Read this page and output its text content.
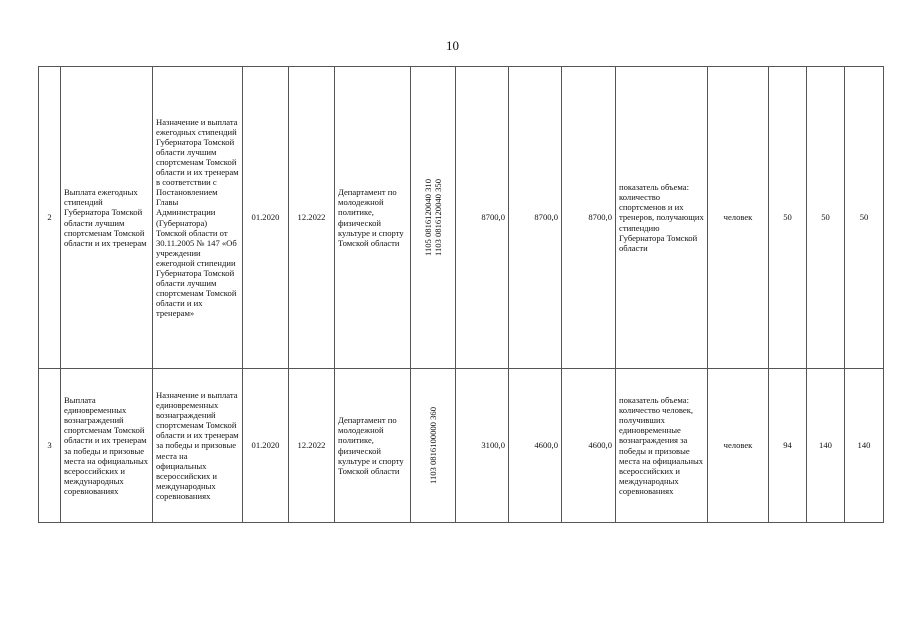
10
2	Выплата ежегодных стипендий Губернатора Томской области лучшим спортсменам Томской области и их тренерам	Назначение и выплата ежегодных стипендий Губернатора Томской области лучшим спортсменам Томской области и их тренерам в соответствии с Постановлением Главы Администрации (Губернатора) Томской области от 30.11.2005 № 147 «Об учреждении ежегодной стипендии Губернатора Томской области лучшим спортсменам Томской области и их тренерам»	01.2020	12.2022	Департамент по молодежной политике, физической культуре и спорту Томской области	1105 0816120040 310 1103 0816120040 350	8700,0	8700,0	8700,0	показатель объема: количество спортсменов и их тренеров, получающих стипендию Губернатора Томской области	человек	50	50	50
3	Выплата единовременных вознаграждений спортсменам Томской области и их тренерам за победы и призовые места на официальных всероссийских и международных соревнованиях	Назначение и выплата единовременных вознаграждений спортсменам Томской области и их тренерам за победы и призовые места на официальных всероссийских и международных соревнованиях	01.2020	12.2022	Департамент по молодежной политике, физической культуре и спорту Томской области	1103 0816100000 360	3100,0	4600,0	4600,0	показатель объема: количество человек, получивших единовременные вознаграждения за победы и призовые места на официальных всероссийских и международных соревнованиях	человек	94	140	140
